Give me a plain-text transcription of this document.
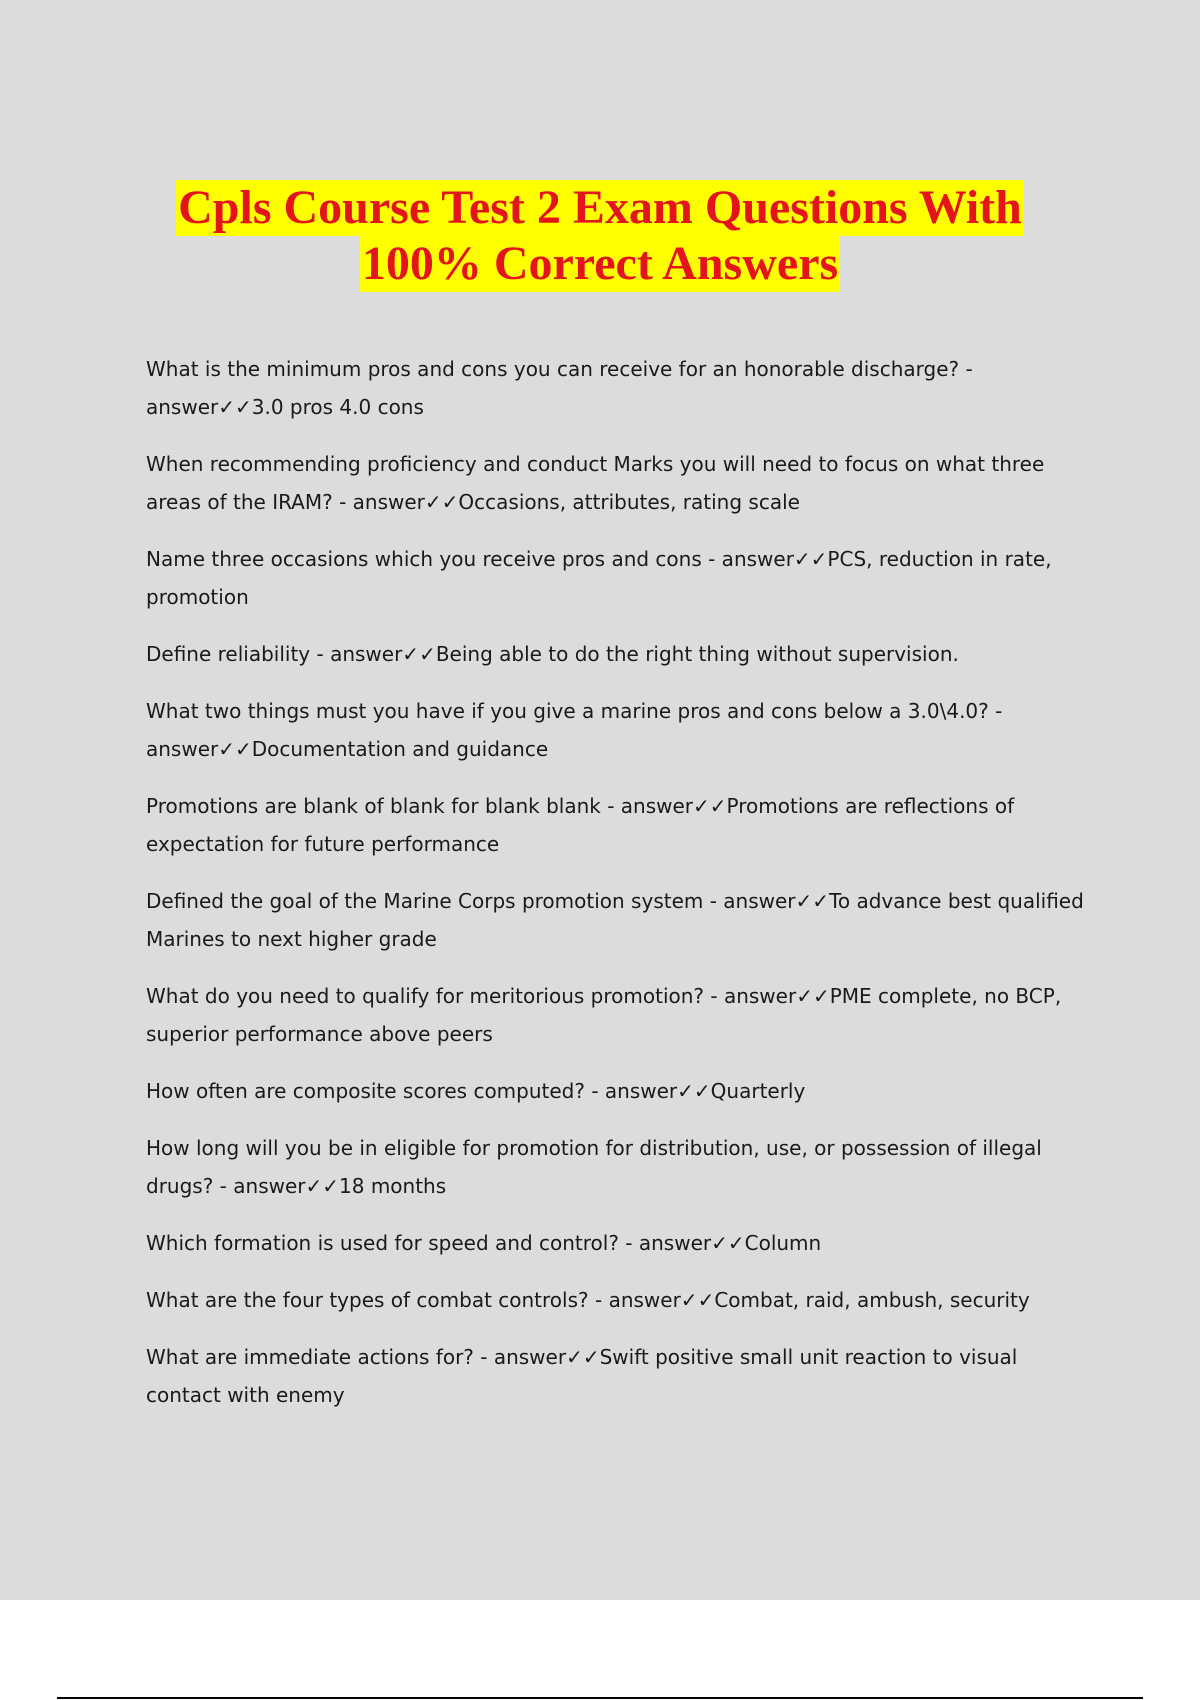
Cpls Course Test 2 Exam Questions With
100% Correct Answers
What is the minimum pros and cons you can receive for an honorable discharge? - answer✓✓3.0 pros 4.0 cons
When recommending proficiency and conduct Marks you will need to focus on what three areas of the IRAM? - answer✓✓Occasions, attributes, rating scale
Name three occasions which you receive pros and cons - answer✓✓PCS, reduction in rate, promotion
Define reliability - answer✓✓Being able to do the right thing without supervision.
What two things must you have if you give a marine pros and cons below a 3.0\4.0? - answer✓✓Documentation and guidance
Promotions are blank of blank for blank blank - answer✓✓Promotions are reflections of expectation for future performance
Defined the goal of the Marine Corps promotion system - answer✓✓To advance best qualified Marines to next higher grade
What do you need to qualify for meritorious promotion? - answer✓✓PME complete, no BCP, superior performance above peers
How often are composite scores computed? - answer✓✓Quarterly
How long will you be in eligible for promotion for distribution, use, or possession of illegal drugs? - answer✓✓18 months
Which formation is used for speed and control? - answer✓✓Column
What are the four types of combat controls? - answer✓✓Combat, raid, ambush, security
What are immediate actions for? - answer✓✓Swift positive small unit reaction to visual contact with enemy
